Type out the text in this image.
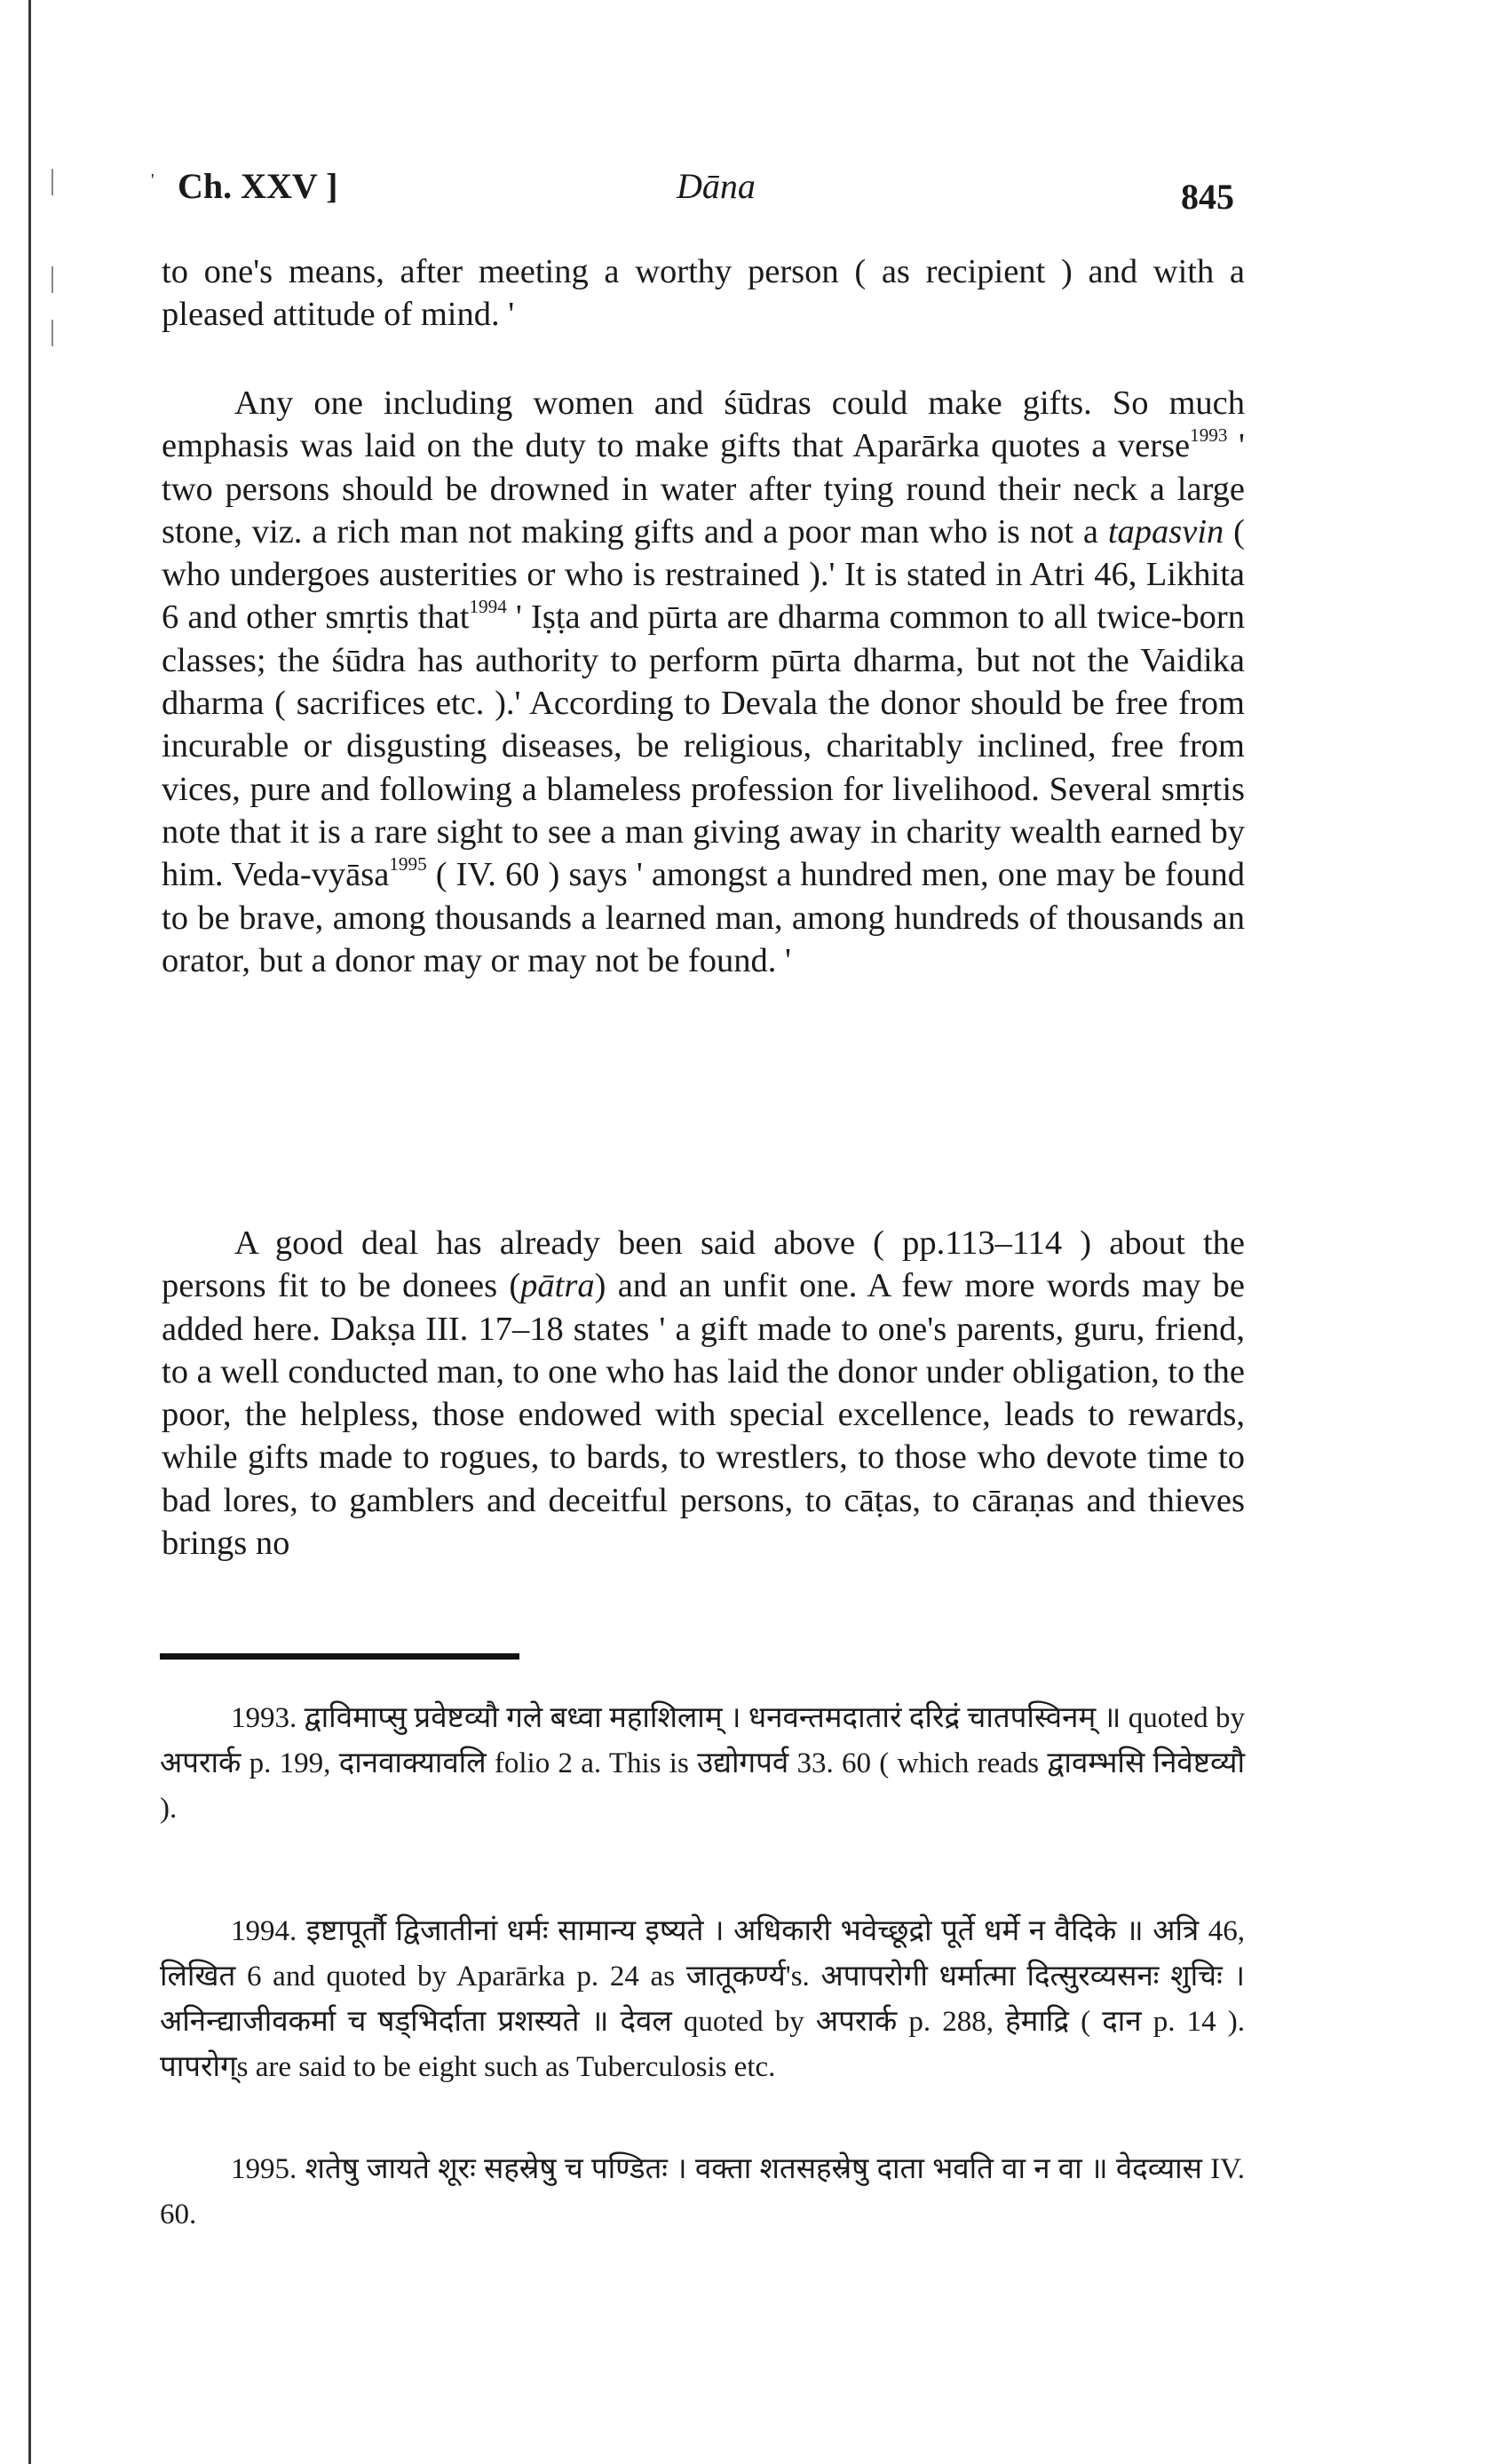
' Ch. XXV ]	Dāna	845

to one's means, after meeting a worthy person ( as recipient ) and with a pleased attitude of mind. '

Any one including women and śūdras could make gifts. So much emphasis was laid on the duty to make gifts that Aparārka quotes a verse$^{1993}$ ' two persons should be drowned in water after tying round their neck a large stone, viz. a rich man not making gifts and a poor man who is not a tapasvin ( who undergoes austerities or who is restrained ).' It is stated in Atri 46, Likhita 6 and other smṛtis that$^{1994}$ ' Iṣṭa and pūrta are dharma common to all twice-born classes; the śūdra has authority to perform pūrta dharma, but not the Vaidika dharma ( sacrifices etc. ).' According to Devala the donor should be free from incurable or disgusting diseases, be religious, charitably inclined, free from vices, pure and following a blameless profession for livelihood. Several smṛtis note that it is a rare sight to see a man giving away in charity wealth earned by him. Veda-vyāsa$^{1995}$ ( IV. 60 ) says ' amongst a hundred men, one may be found to be brave, among thousands a learned man, among hundreds of thousands an orator, but a donor may or may not be found. '

A good deal has already been said above ( pp.113–114 ) about the persons fit to be donees (pātra) and an unfit one. A few more words may be added here. Dakṣa III. 17–18 states ' a gift made to one's parents, guru, friend, to a well conducted man, to one who has laid the donor under obligation, to the poor, the helpless, those endowed with special excellence, leads to rewards, while gifts made to rogues, to bards, to wrestlers, to those who devote time to bad lores, to gamblers and deceitful persons, to cāṭas, to cāraṇas and thieves brings no

1993. द्वाविमाप्सु प्रवेष्टव्यौ गले बध्वा महाशिलाम् । धनवन्तमदातारं दरिद्रं चातपस्विनम् ॥ quoted by अपरार्क p. 199, दानवाक्यावलि folio 2 a. This is उद्योगपर्व 33. 60 ( which reads द्वावम्भसि निवेष्टव्यौ ).

1994. इष्टापूर्तौ द्विजातीनां धर्मः सामान्य इष्यते । अधिकारी भवेच्छूद्रो पूर्ते धर्मे न वैदिके ॥ अत्रि 46, लिखित 6 and quoted by Aparārka p. 24 as जातूकर्ण्य's. अपापरोगी धर्मात्मा दित्सुरव्यसनः शुचिः । अनिन्द्याजीवकर्मा च षड्भिर्दाता प्रशस्यते ॥ देवल quoted by अपरार्क p. 288, हेमाद्रि ( दान p. 14 ). पापरोग्s are said to be eight such as Tuberculosis etc.

1995. शतेषु जायते शूरः सहस्रेषु च पण्डितः । वक्ता शतसहस्रेषु दाता भवति वा न वा ॥ वेदव्यास IV. 60.
